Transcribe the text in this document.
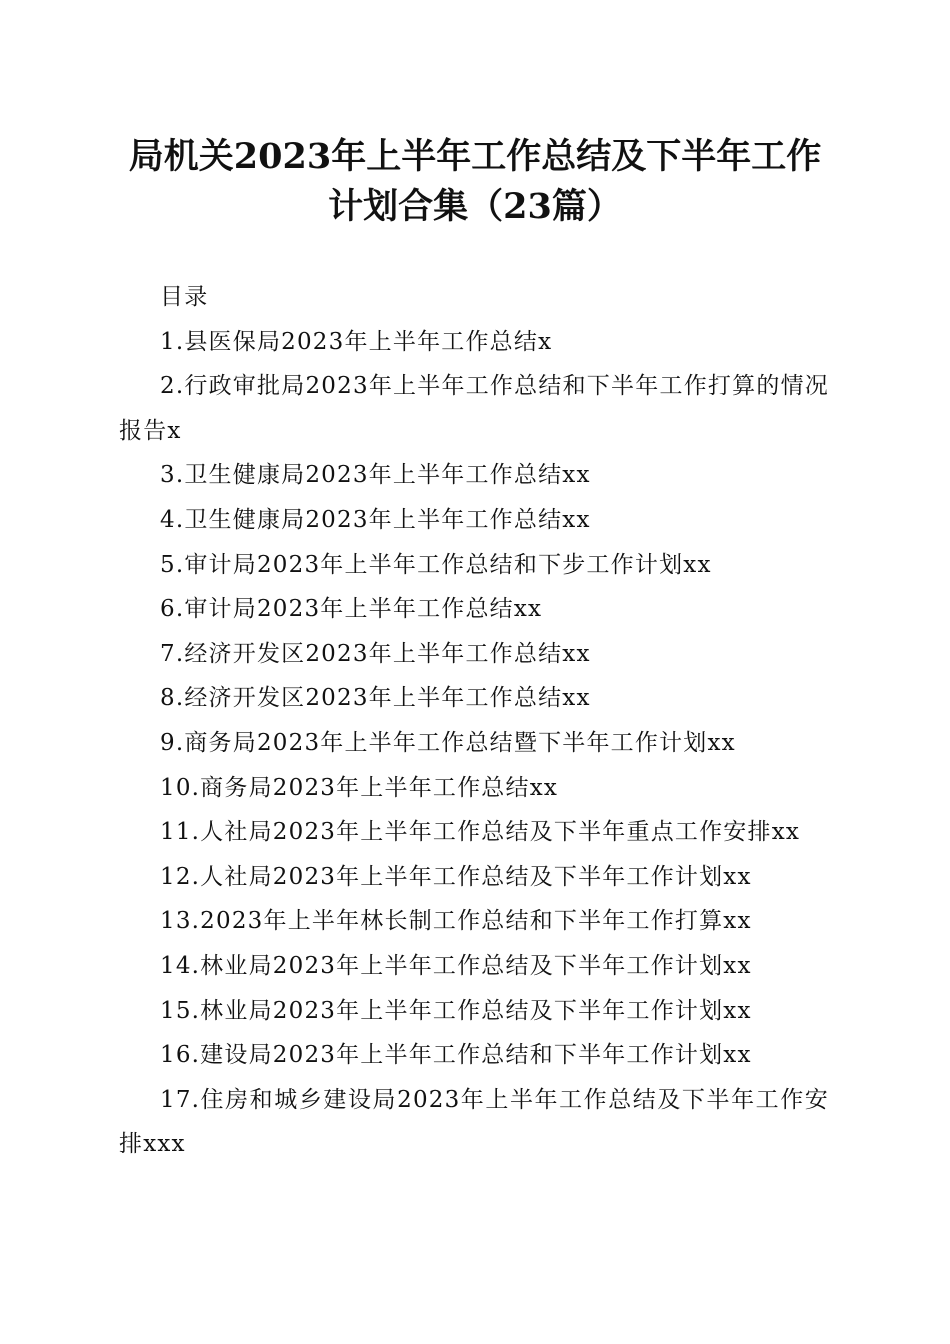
局机关2023年上半年工作总结及下半年工作
计划合集（23篇）
目录
1.县医保局2023年上半年工作总结x
2.行政审批局2023年上半年工作总结和下半年工作打算的情况报告x
3.卫生健康局2023年上半年工作总结xx
4.卫生健康局2023年上半年工作总结xx
5.审计局2023年上半年工作总结和下步工作计划xx
6.审计局2023年上半年工作总结xx
7.经济开发区2023年上半年工作总结xx
8.经济开发区2023年上半年工作总结xx
9.商务局2023年上半年工作总结暨下半年工作计划xx
10.商务局2023年上半年工作总结xx
11.人社局2023年上半年工作总结及下半年重点工作安排xx
12.人社局2023年上半年工作总结及下半年工作计划xx
13.2023年上半年林长制工作总结和下半年工作打算xx
14.林业局2023年上半年工作总结及下半年工作计划xx
15.林业局2023年上半年工作总结及下半年工作计划xx
16.建设局2023年上半年工作总结和下半年工作计划xx
17.住房和城乡建设局2023年上半年工作总结及下半年工作安排xxx
